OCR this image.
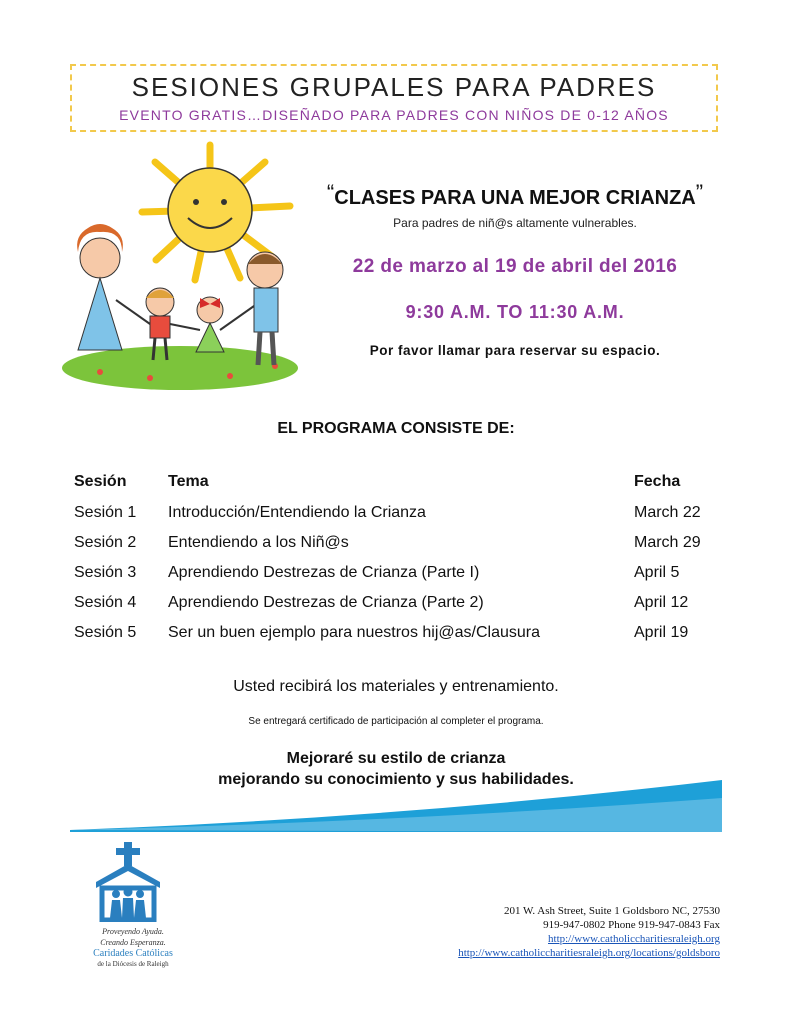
SESIONES GRUPALES PARA PADRES
EVENTO GRATIS…DISEÑADO PARA PADRES CON NIÑOS DE 0-12 AÑOS
“CLASES PARA UNA MEJOR CRIANZA”
Para padres de niñ@s altamente vulnerables.
22 de marzo al 19 de abril del 2016
9:30 A.M. TO 11:30 A.M.
Por favor llamar para reservar su espacio.
EL PROGRAMA CONSISTE DE:
Sesión	Tema	Fecha
Sesión 1	Introducción/Entendiendo la Crianza	March 22
Sesión 2	Entendiendo a los Niñ@s	March 29
Sesión 3	Aprendiendo Destrezas de Crianza (Parte I)	April 5
Sesión 4	Aprendiendo Destrezas de Crianza (Parte 2)	April 12
Sesión 5	Ser un buen ejemplo para nuestros hij@as/Clausura	April 19
Usted recibirá los materiales y entrenamiento.
Se entregará certificado de participación al completer el programa.
Mejoraré su estilo de crianza
mejorando su conocimiento y sus habilidades.
Proveyendo Ayuda.
Creando Esperanza.
Caridades Católicas
de la Diócesis de Raleigh
201 W. Ash Street, Suite 1 Goldsboro NC, 27530
919-947-0802 Phone 919-947-0843 Fax
http://www.catholiccharitiesraleigh.org
http://www.catholiccharitiesraleigh.org/locations/goldsboro
